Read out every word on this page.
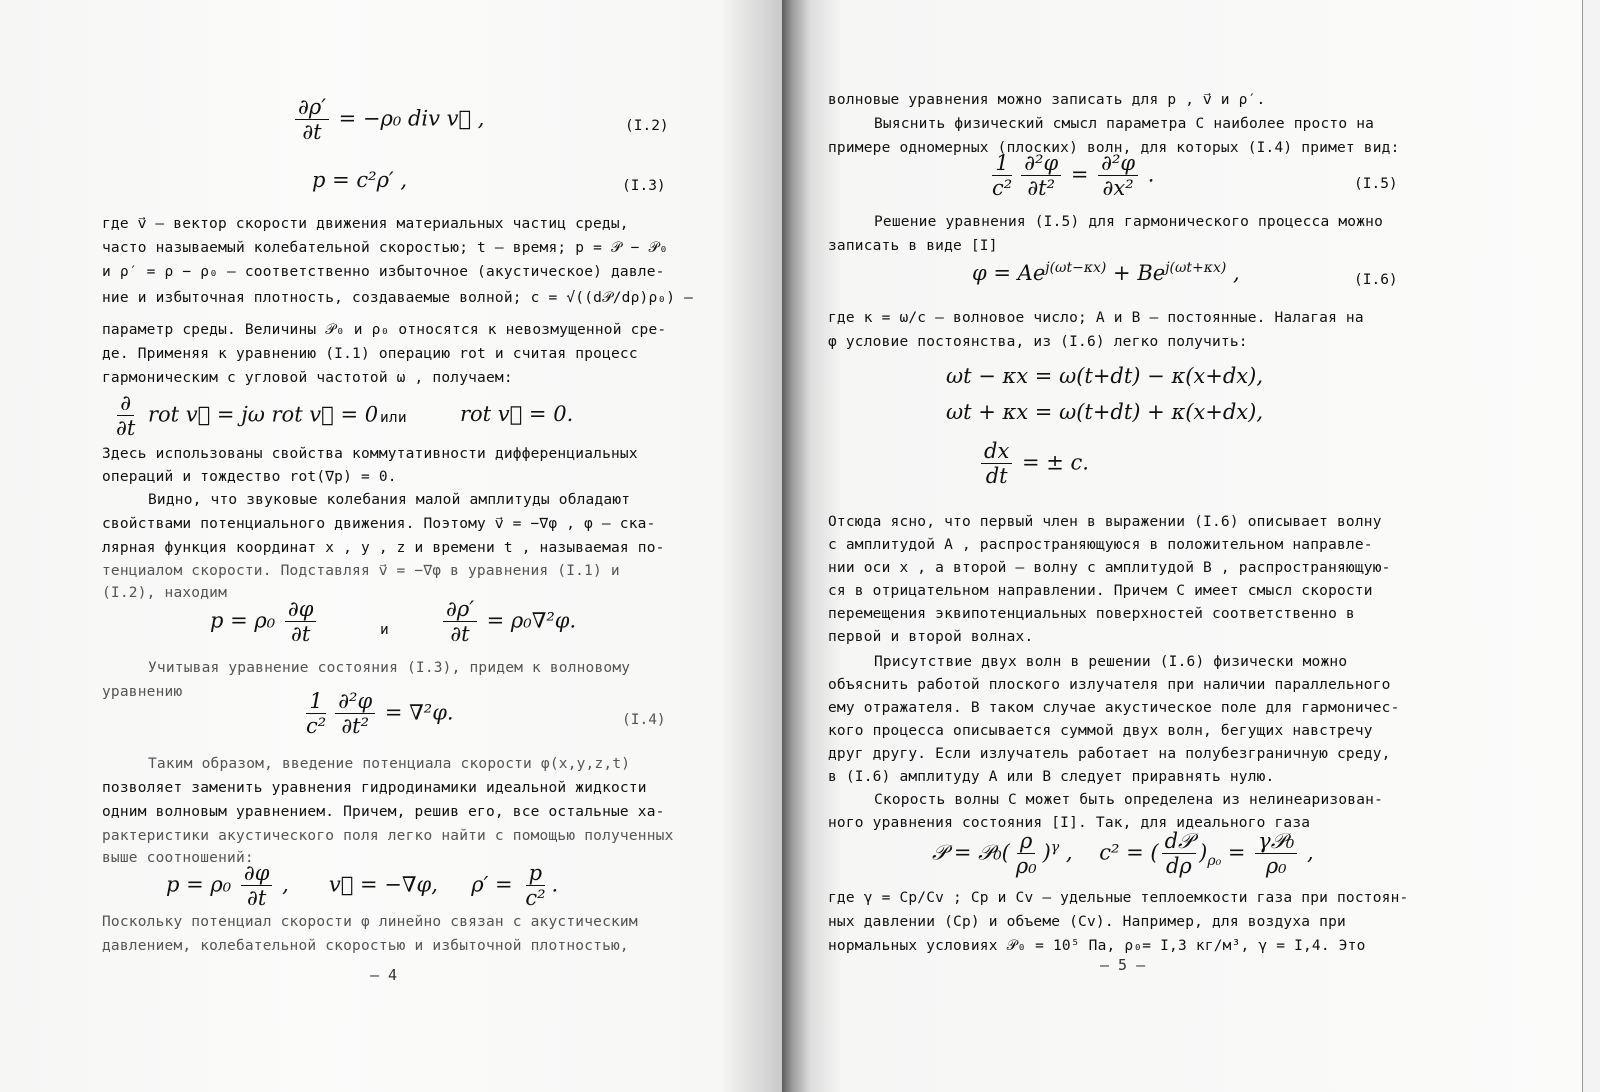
$\frac{\partial\rho'}{\partial t} = -\rho_0$ div v⃗ ,	(I.2)
p = c²ρ′ ,	(I.3)
где v⃗ – вектор скорости движения материальных частиц среды,
часто называемый колебательной скоростью; t – время; p = 𝒫 − 𝒫₀
и ρ′ = ρ − ρ₀ – соответственно избыточное (акустическое) давле-
ние и избыточная плотность, создаваемые волной; c = √((d𝒫/dρ)ρ₀) –
параметр среды. Величины 𝒫₀ и ρ₀ относятся к невозмущенной сре-
де. Применяя к уравнению (I.1) операцию rot и считая процесс
гармоническим с угловой частотой ω , получаем:
∂
∂t
rot v⃗ = jω rot v⃗ = 0 или	rot v⃗ = 0.
Здесь использованы свойства коммутативности дифференциальных
операций и тождество rot(∇p) = 0.
Видно, что звуковые колебания малой амплитуды обладают
свойствами потенциального движения. Поэтому v⃗ = −∇φ , φ – ска-
лярная функция координат x , y , z и времени t , называемая по-
тенциалом скорости. Подставляя v⃗ = −∇φ в уравнения (I.1) и
(I.2), находим
$p = \rho_0 \frac{\partial\varphi}{\partial t}$	и	$\frac{\partial\rho'}{\partial t} = \rho_0\nabla^2\varphi$.
Учитывая уравнение состояния (I.3), придем к волновому
уравнению	$\frac{1}{\text{c²}} \frac{\text{∂²φ}}{\text{∂t²}} = \nabla^2\varphi$.	(I.4)
Таким образом, введение потенциала скорости φ(x,y,z,t)
позволяет заменить уравнения гидродинамики идеальной жидкости
одним волновым уравнением. Причем, решив его, все остальные ха-
рактеристики акустического поля легко найти с помощью полученных
выше соотношений:
$p = \rho_0 \frac{\partial\varphi}{\partial t}$ ,      v⃗ = −∇φ,     $\rho' = \frac{p}{\text{c²}}$ .
Поскольку потенциал скорости φ линейно связан с акустическим
давлением, колебательной скоростью и избыточной плотностью,
– 4
волновые уравнения можно записать для p , v⃗ и ρ′.
Выяснить физический смысл параметра C наиболее просто на
примере одномерных (плоских) волн, для которых (I.4) примет вид:
$\frac{1}{\text{c²}} \frac{\text{∂²φ}}{\text{∂t²}} = \frac{\text{∂²φ}}{\text{∂x²}}$ .	(I.5)
Решение уравнения (I.5) для гармонического процесса можно
записать в виде [I]
$\varphi = Ae^{j(\omega t-\kappa x)} + Be^{j(\omega t+\kappa x)}$ ,	(I.6)
где κ = ω/c – волновое число; A и B – постоянные. Налагая на
φ условие постоянства, из (I.6) легко получить:
ωt − κx = ω(t+dt) − κ(x+dx),
ωt + κx = ω(t+dt) + κ(x+dx),
$\frac{dx}{dt}$ = ± c.
Отсюда ясно, что первый член в выражении (I.6) описывает волну
с амплитудой A , распространяющуюся в положительном направле-
нии оси x , а второй – волну с амплитудой B , распространяющую-
ся в отрицательном направлении. Причем C имеет смысл скорости
перемещения эквипотенциальных поверхностей соответственно в
первой и второй волнах.
Присутствие двух волн в решении (I.6) физически можно
объяснить работой плоского излучателя при наличии параллельного
ему отражателя. В таком случае акустическое поле для гармоничес-
кого процесса описывается суммой двух волн, бегущих навстречу
друг другу. Если излучатель работает на полубезграничную среду,
в (I.6) амплитуду A или B следует приравнять нулю.
Скорость волны C может быть определена из нелинеаризован-
ного уравнения состояния [I]. Так, для идеального газа
𝒫 = 𝒫₀( $\frac{\rho}{\text{ρ₀}} )^\gamma$ ,    c² = ( d𝒫
dρ
)$_{\rho_0}$ = γ𝒫₀
ρ₀
,
где γ = Cp/Cv ; Cp и Cv – удельные теплоемкости газа при постоян-
ных давлении (Cp) и объеме (Cv). Например, для воздуха при
нормальных условиях 𝒫₀ = 10⁵ Па, ρ₀= I,3 кг/м³, γ = I,4. Это
– 5 –
